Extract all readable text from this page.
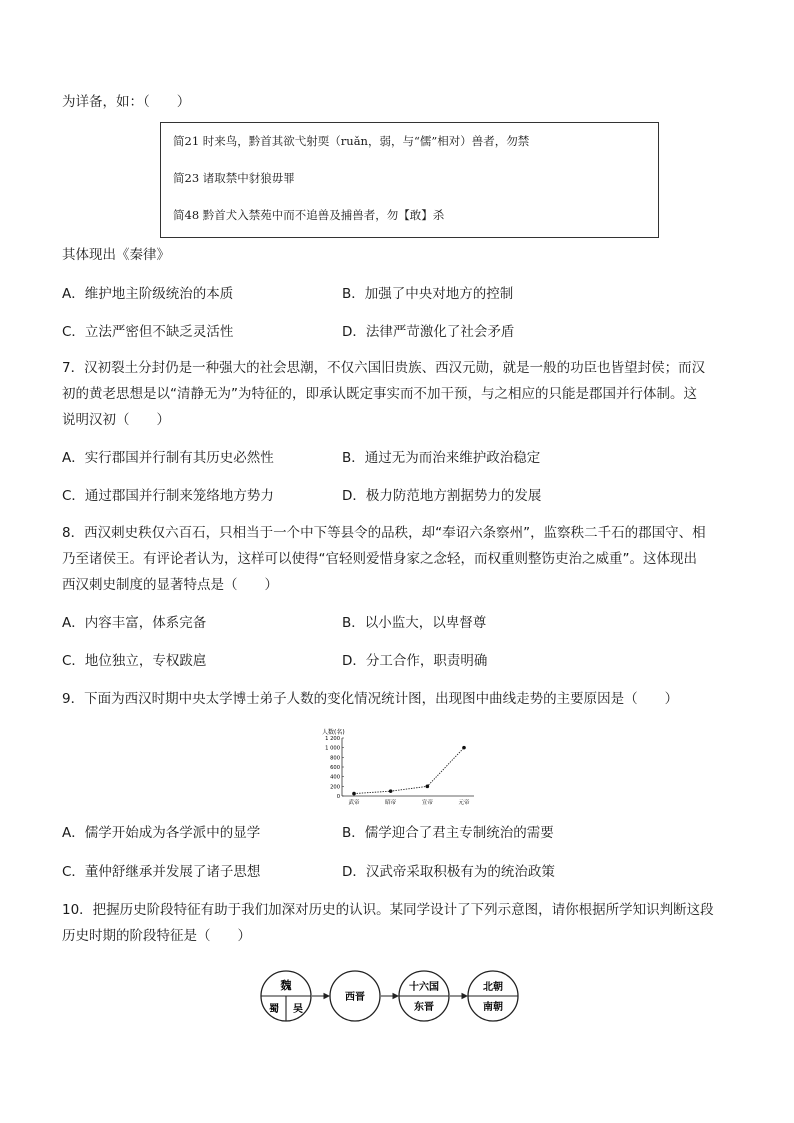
为详备，如：（　　）
简21 时来鸟，黔首其欲弋射耎（ruǎn，弱，与“儒”相对）兽者，勿禁
简23 诸取禁中豺狼毋罪
简48 黔首犬入禁苑中而不追兽及捕兽者，勿【敢】杀
其体现出《秦律》
A．维护地主阶级统治的本质	B．加强了中央对地方的控制
C．立法严密但不缺乏灵活性	D．法律严苛激化了社会矛盾
7．汉初裂土分封仍是一种强大的社会思潮，不仅六国旧贵族、西汉元勋，就是一般的功臣也皆望封侯；而汉
初的黄老思想是以“清静无为”为特征的，即承认既定事实而不加干预，与之相应的只能是郡国并行体制。这
说明汉初（　　）
A．实行郡国并行制有其历史必然性	B．通过无为而治来维护政治稳定
C．通过郡国并行制来笼络地方势力	D．极力防范地方割据势力的发展
8．西汉刺史秩仅六百石，只相当于一个中下等县令的品秩，却“奉诏六条察州”，监察秩二千石的郡国守、相
乃至诸侯王。有评论者认为，这样可以使得“官轻则爱惜身家之念轻，而权重则整饬吏治之威重”。这体现出
西汉刺史制度的显著特点是（　　）
A．内容丰富，体系完备	B．以小监大，以卑督尊
C．地位独立，专权跋扈	D．分工合作，职责明确
9．下面为西汉时期中央太学博士弟子人数的变化情况统计图，出现图中曲线走势的主要原因是（　　）
人数(名)
0
200
400
600
800
1 000
1 200
武帝	昭帝	宣帝	元帝
A．儒学开始成为各学派中的显学	B．儒学迎合了君主专制统治的需要
C．董仲舒继承并发展了诸子思想	D．汉武帝采取积极有为的统治政策
10．把握历史阶段特征有助于我们加深对历史的认识。某同学设计了下列示意图，请你根据所学知识判断这段
历史时期的阶段特征是（　　）
魏
蜀 吴
西晋
十六国
东晋
北朝
南朝
